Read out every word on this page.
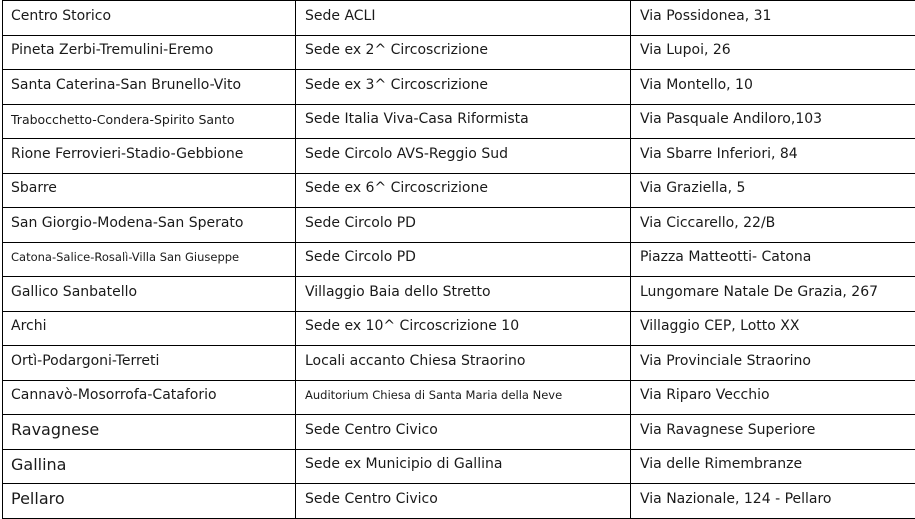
Centro Storico	Sede ACLI	Via Possidonea, 31
Pineta Zerbi-Tremulini-Eremo	Sede ex 2^ Circoscrizione	Via Lupoi, 26
Santa Caterina-San Brunello-Vito	Sede ex 3^ Circoscrizione	Via Montello, 10
Trabocchetto-Condera-Spirito Santo	Sede Italia Viva-Casa Riformista	Via Pasquale Andiloro,103
Rione Ferrovieri-Stadio-Gebbione	Sede Circolo AVS-Reggio Sud	Via Sbarre Inferiori, 84
Sbarre	Sede ex 6^ Circoscrizione	Via Graziella, 5
San Giorgio-Modena-San Sperato	Sede Circolo PD	Via Ciccarello, 22/B
Catona-Salice-Rosalì-Villa San Giuseppe	Sede Circolo PD	Piazza Matteotti- Catona
Gallico Sanbatello	Villaggio Baia dello Stretto	Lungomare Natale De Grazia, 267
Archi	Sede ex 10^ Circoscrizione 10	Villaggio CEP, Lotto XX
Ortì-Podargoni-Terreti	Locali accanto Chiesa Straorino	Via Provinciale Straorino
Cannavò-Mosorrofa-Cataforio	Auditorium Chiesa di Santa Maria della Neve	Via Riparo Vecchio
Ravagnese	Sede Centro Civico	Via Ravagnese Superiore
Gallina	Sede ex Municipio di Gallina	Via delle Rimembranze
Pellaro	Sede Centro Civico	Via Nazionale, 124 - Pellaro
